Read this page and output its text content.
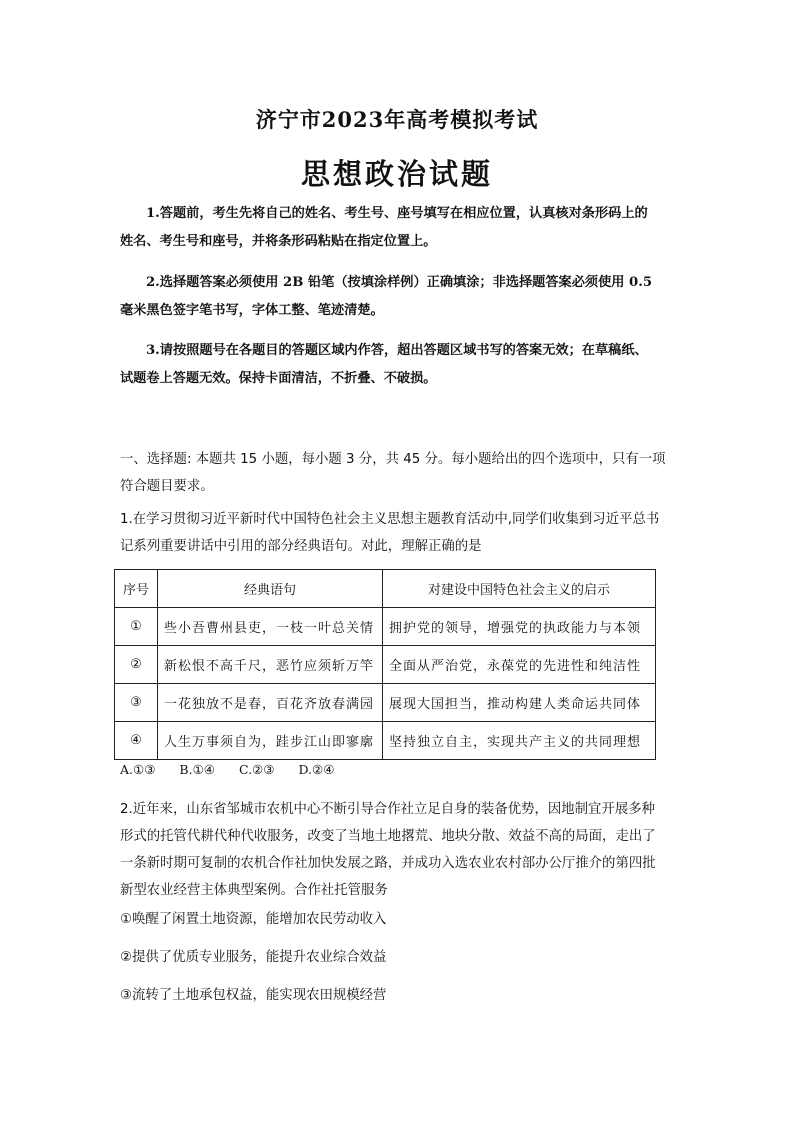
济宁市2023年高考模拟考试
思想政治试题
1.答题前，考生先将自己的姓名、考生号、座号填写在相应位置，认真核对条形码上的
姓名、考生号和座号，并将条形码粘贴在指定位置上。
2.选择题答案必须使用 2B 铅笔（按填涂样例）正确填涂；非选择题答案必须使用 0.5
毫米黑色签字笔书写，字体工整、笔迹清楚。
3.请按照题号在各题目的答题区域内作答，超出答题区域书写的答案无效；在草稿纸、
试题卷上答题无效。保持卡面清洁，不折叠、不破损。
一、选择题: 本题共 15 小题，每小题 3 分，共 45 分。每小题给出的四个选项中，只有一项
符合题目要求。
1.在学习贯彻习近平新时代中国特色社会主义思想主题教育活动中,同学们收集到习近平总书
记系列重要讲话中引用的部分经典语句。对此，理解正确的是
序号	经典语句	对建设中国特色社会主义的启示
①	些小吾曹州县吏，一枝一叶总关情	拥护党的领导，增强党的执政能力与本领
②	新松恨不高千尺，恶竹应须斩万竿	全面从严治党，永葆党的先进性和纯洁性
③	一花独放不是春，百花齐放春满园	展现大国担当，推动构建人类命运共同体
④	人生万事须自为，跬步江山即寥廓	坚持独立自主，实现共产主义的共同理想
A.①③ B.①④ C.②③ D.②④
2.近年来，山东省邹城市农机中心不断引导合作社立足自身的装备优势，因地制宜开展多种
形式的托管代耕代种代收服务，改变了当地土地撂荒、地块分散、效益不高的局面，走出了
一条新时期可复制的农机合作社加快发展之路，并成功入选农业农村部办公厅推介的第四批
新型农业经营主体典型案例。合作社托管服务
①唤醒了闲置土地资源，能增加农民劳动收入
②提供了优质专业服务，能提升农业综合效益
③流转了土地承包权益，能实现农田规模经营
